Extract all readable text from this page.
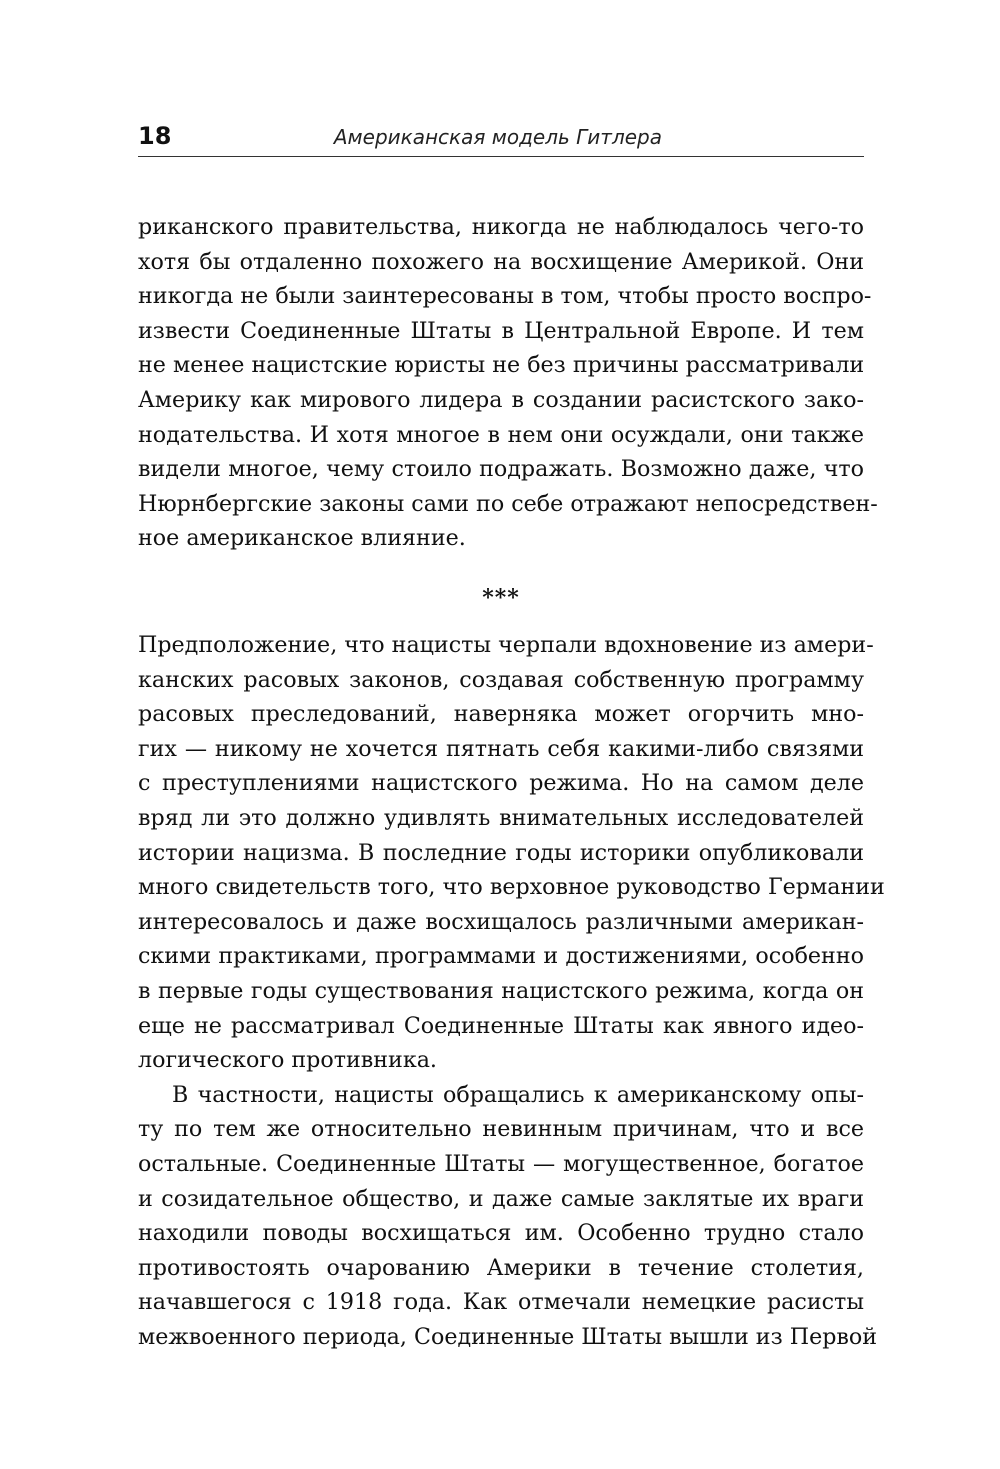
18	Американская модель Гитлера
риканского правительства, никогда не наблюдалось чего-то
хотя бы отдаленно похожего на восхищение Америкой. Они
никогда не были заинтересованы в том, чтобы просто воспро-
извести Соединенные Штаты в Центральной Европе. И тем
не менее нацистские юристы не без причины рассматривали
Америку как мирового лидера в создании расистского зако-
нодательства. И хотя многое в нем они осуждали, они также
видели многое, чему стоило подражать. Возможно даже, что
Нюрнбергские законы сами по себе отражают непосредствен-
ное американское влияние.
***
Предположение, что нацисты черпали вдохновение из амери-
канских расовых законов, создавая собственную программу
расовых преследований, наверняка может огорчить мно-
гих — никому не хочется пятнать себя какими-либо связями
с преступлениями нацистского режима. Но на самом деле
вряд ли это должно удивлять внимательных исследователей
истории нацизма. В последние годы историки опубликовали
много свидетельств того, что верховное руководство Германии
интересовалось и даже восхищалось различными американ-
скими практиками, программами и достижениями, особенно
в первые годы существования нацистского режима, когда он
еще не рассматривал Соединенные Штаты как явного идео-
логического противника.
В частности, нацисты обращались к американскому опы-
ту по тем же относительно невинным причинам, что и все
остальные. Соединенные Штаты — могущественное, богатое
и созидательное общество, и даже самые заклятые их враги
находили поводы восхищаться им. Особенно трудно стало
противостоять очарованию Америки в течение столетия,
начавшегося с 1918 года. Как отмечали немецкие расисты
межвоенного периода, Соединенные Штаты вышли из Первой
